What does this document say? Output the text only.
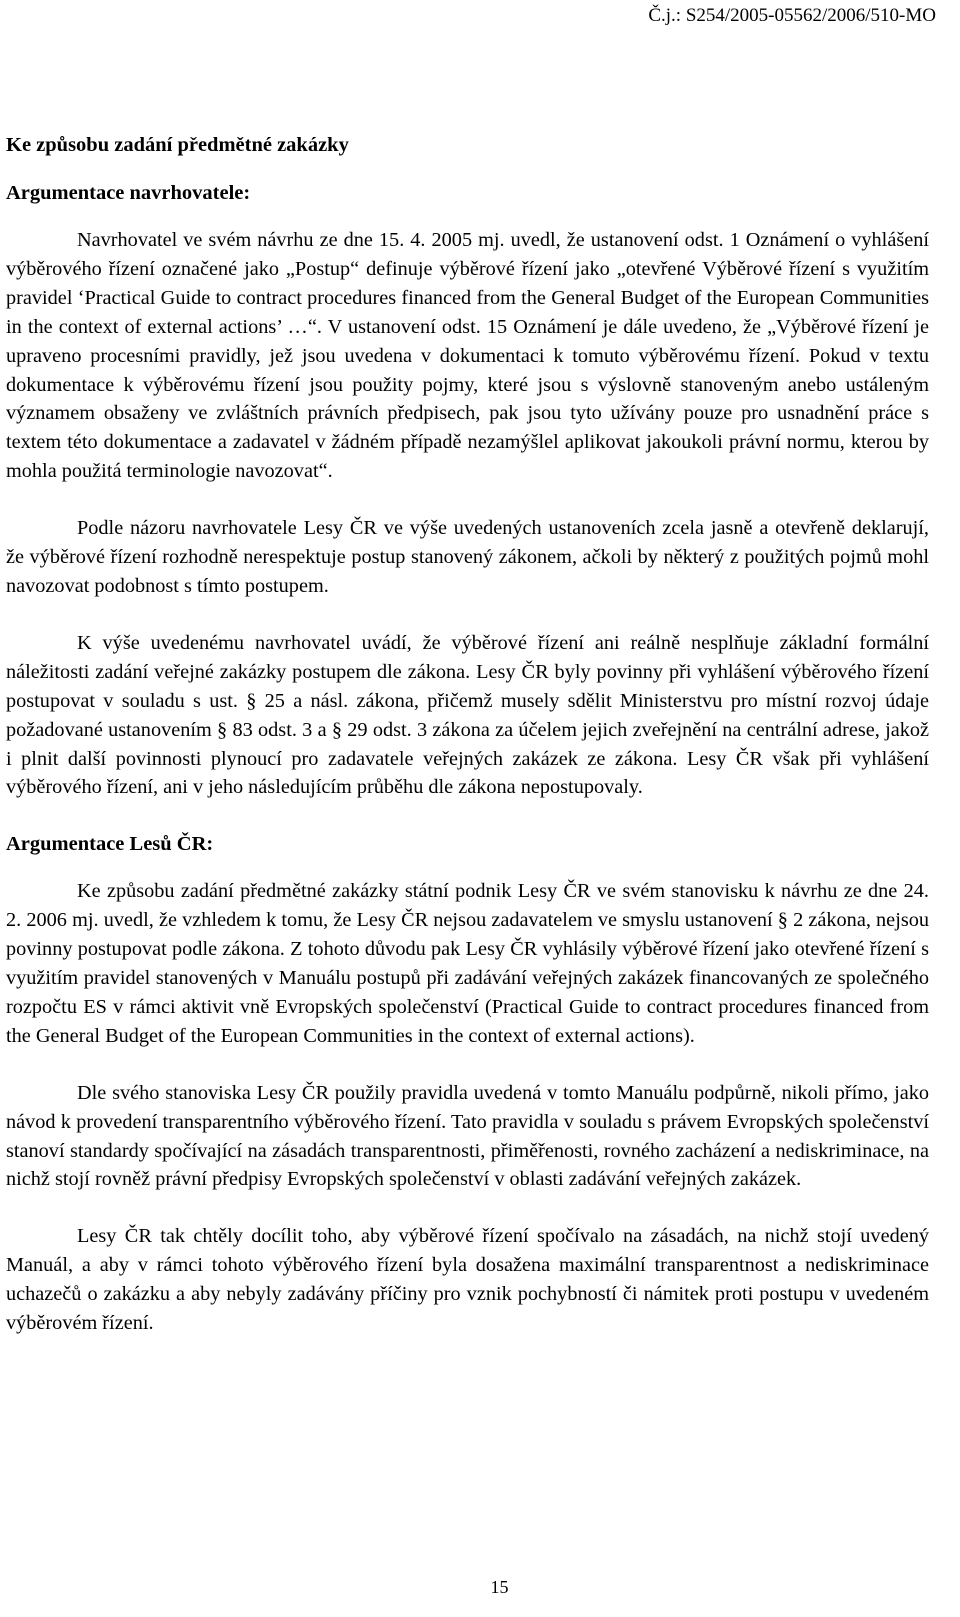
Č.j.: S254/2005-05562/2006/510-MO

Ke způsobu zadání předmětné zakázky
Argumentace navrhovatele:

Navrhovatel ve svém návrhu ze dne 15. 4. 2005 mj. uvedl, že ustanovení odst. 1 Oznámení o vyhlášení výběrového řízení označené jako „Postup“ definuje výběrové řízení jako „otevřené Výběrové řízení s využitím pravidel ‘Practical Guide to contract procedures financed from the General Budget of the European Communities in the context of external actions’ …“. V ustanovení odst. 15 Oznámení je dále uvedeno, že „Výběrové řízení je upraveno procesními pravidly, jež jsou uvedena v dokumentaci k tomuto výběrovému řízení. Pokud v textu dokumentace k výběrovému řízení jsou použity pojmy, které jsou s výslovně stanoveným anebo ustáleným významem obsaženy ve zvláštních právních předpisech, pak jsou tyto užívány pouze pro usnadnění práce s textem této dokumentace a zadavatel v žádném případě nezamýšlel aplikovat jakoukoli právní normu, kterou by mohla použitá terminologie navozovat“.

Podle názoru navrhovatele Lesy ČR ve výše uvedených ustanoveních zcela jasně a otevřeně deklarují, že výběrové řízení rozhodně nerespektuje postup stanovený zákonem, ačkoli by některý z použitých pojmů mohl navozovat podobnost s tímto postupem.

K výše uvedenému navrhovatel uvádí, že výběrové řízení ani reálně nesplňuje základní formální náležitosti zadání veřejné zakázky postupem dle zákona. Lesy ČR byly povinny při vyhlášení výběrového řízení postupovat v souladu s ust. § 25 a násl. zákona, přičemž musely sdělit Ministerstvu pro místní rozvoj údaje požadované ustanovením § 83 odst. 3 a § 29 odst. 3 zákona za účelem jejich zveřejnění na centrální adrese, jakož i plnit další povinnosti plynoucí pro zadavatele veřejných zakázek ze zákona. Lesy ČR však při vyhlášení výběrového řízení, ani v jeho následujícím průběhu dle zákona nepostupovaly.

Argumentace Lesů ČR:

Ke způsobu zadání předmětné zakázky státní podnik Lesy ČR ve svém stanovisku k návrhu ze dne 24. 2. 2006 mj. uvedl, že vzhledem k tomu, že Lesy ČR nejsou zadavatelem ve smyslu ustanovení § 2 zákona, nejsou povinny postupovat podle zákona. Z tohoto důvodu pak Lesy ČR vyhlásily výběrové řízení jako otevřené řízení s využitím pravidel stanovených v Manuálu postupů při zadávání veřejných zakázek financovaných ze společného rozpočtu ES v rámci aktivit vně Evropských společenství (Practical Guide to contract procedures financed from the General Budget of the European Communities in the context of external actions).

Dle svého stanoviska Lesy ČR použily pravidla uvedená v tomto Manuálu podpůrně, nikoli přímo, jako návod k provedení transparentního výběrového řízení. Tato pravidla v souladu s právem Evropských společenství stanoví standardy spočívající na zásadách transparentnosti, přiměřenosti, rovného zacházení a nediskriminace, na nichž stojí rovněž právní předpisy Evropských společenství v oblasti zadávání veřejných zakázek.

Lesy ČR tak chtěly docílit toho, aby výběrové řízení spočívalo na zásadách, na nichž stojí uvedený Manuál, a aby v rámci tohoto výběrového řízení byla dosažena maximální transparentnost a nediskriminace uchazečů o zakázku a aby nebyly zadávány příčiny pro vznik pochybností či námitek proti postupu v uvedeném výběrovém řízení.

15
